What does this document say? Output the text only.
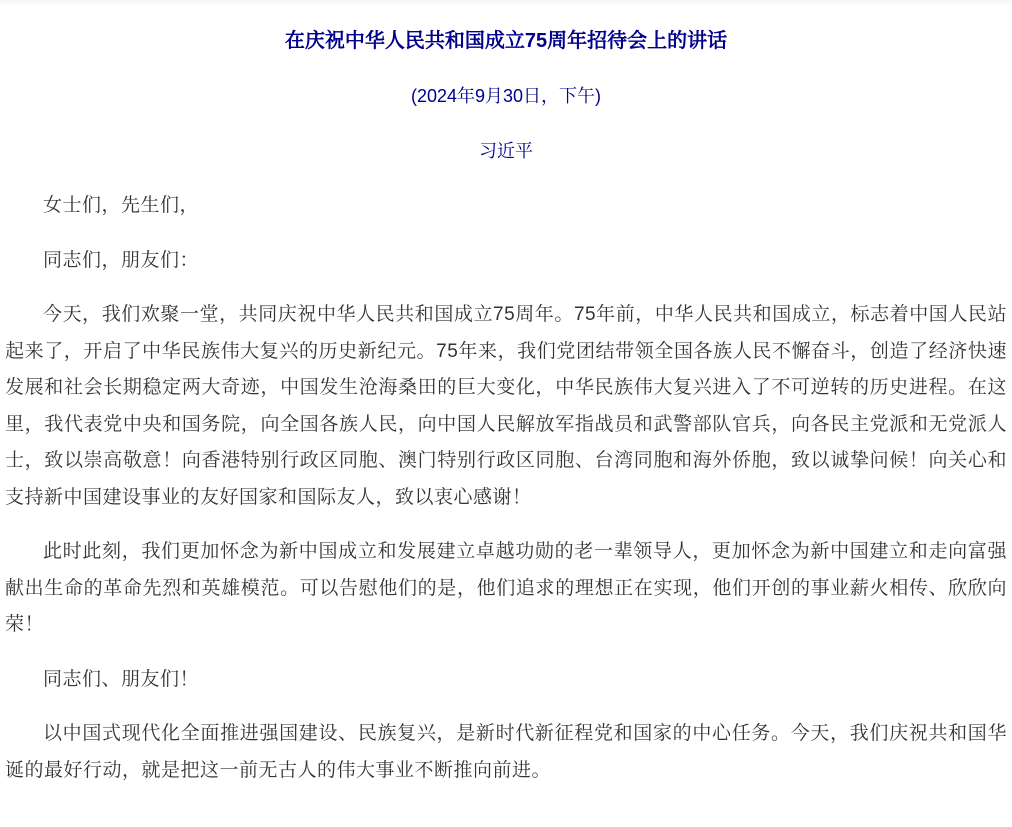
在庆祝中华人民共和国成立75周年招待会上的讲话
(2024年9月30日，下午)
习近平

女士们，先生们，

同志们，朋友们：

今天，我们欢聚一堂，共同庆祝中华人民共和国成立75周年。75年前，中华人民共和国成立，标志着中国人民站起来了，开启了中华民族伟大复兴的历史新纪元。75年来，我们党团结带领全国各族人民不懈奋斗，创造了经济快速发展和社会长期稳定两大奇迹，中国发生沧海桑田的巨大变化，中华民族伟大复兴进入了不可逆转的历史进程。在这里，我代表党中央和国务院，向全国各族人民，向中国人民解放军指战员和武警部队官兵，向各民主党派和无党派人士，致以崇高敬意！向香港特别行政区同胞、澳门特别行政区同胞、台湾同胞和海外侨胞，致以诚挚问候！向关心和支持新中国建设事业的友好国家和国际友人，致以衷心感谢！

此时此刻，我们更加怀念为新中国成立和发展建立卓越功勋的老一辈领导人，更加怀念为新中国建立和走向富强献出生命的革命先烈和英雄模范。可以告慰他们的是，他们追求的理想正在实现，他们开创的事业薪火相传、欣欣向荣！

同志们、朋友们！

以中国式现代化全面推进强国建设、民族复兴，是新时代新征程党和国家的中心任务。今天，我们庆祝共和国华诞的最好行动，就是把这一前无古人的伟大事业不断推向前进。
